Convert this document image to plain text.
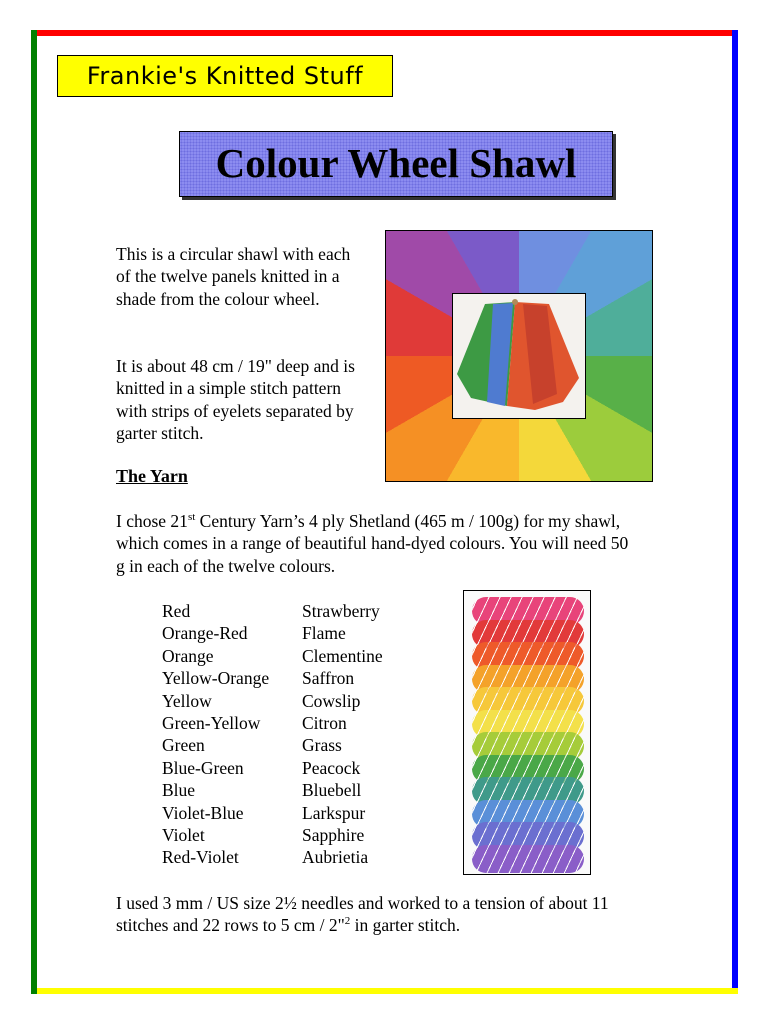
Frankie's Knitted Stuff
Colour Wheel Shawl

This is a circular shawl with each of the twelve panels knitted in a shade from the colour wheel.

It is about 48 cm / 19" deep and is knitted in a simple stitch pattern with strips of eyelets separated by garter stitch.

The Yarn

I chose 21st Century Yarn’s 4 ply Shetland (465 m / 100g) for my shawl, which comes in a range of beautiful hand-dyed colours. You will need 50 g in each of the twelve colours.

Red	Strawberry
Orange-Red	Flame
Orange	Clementine
Yellow-Orange	Saffron
Yellow	Cowslip
Green-Yellow	Citron
Green	Grass
Blue-Green	Peacock
Blue	Bluebell
Violet-Blue	Larkspur
Violet	Sapphire
Red-Violet	Aubrietia

I used 3 mm / US size 2½ needles and worked to a tension of about 11 stitches and 22 rows to 5 cm / 2"$^2$ in garter stitch.
